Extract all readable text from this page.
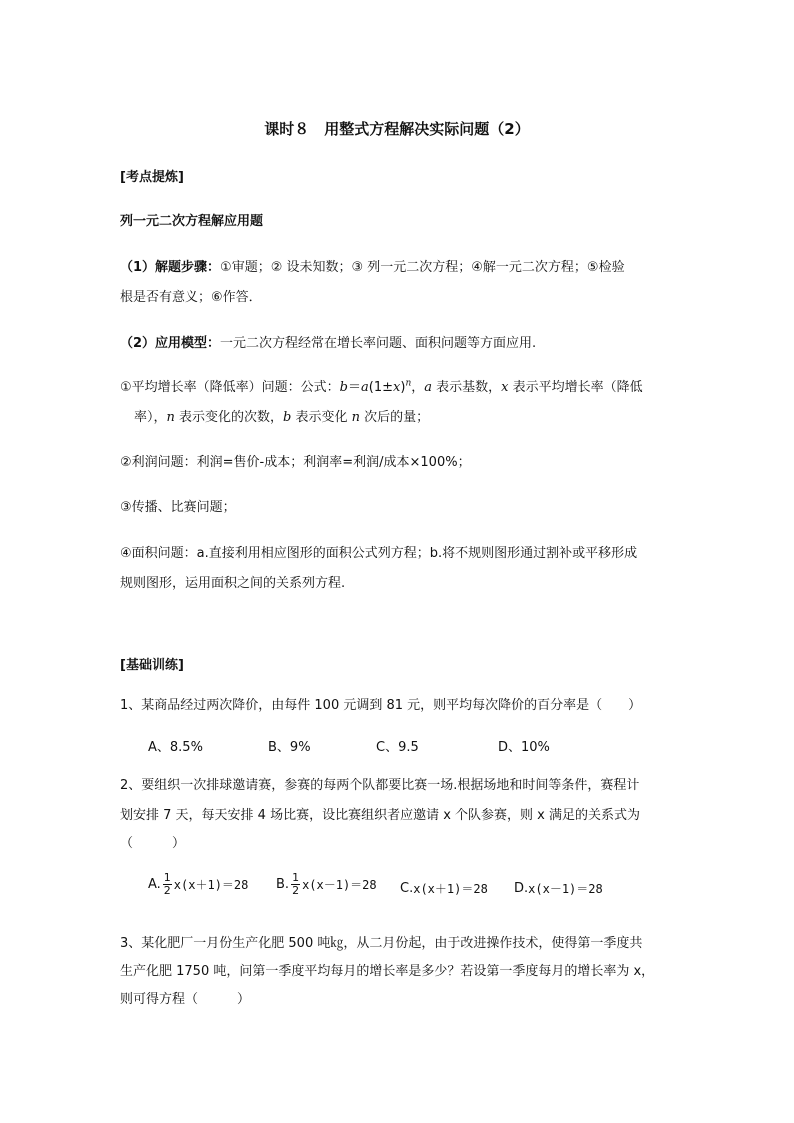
课时８　用整式方程解决实际问题（2）
[考点提炼]
列一元二次方程解应用题
（1）解题步骤：①审题；② 设未知数；③ 列一元二次方程；④解一元二次方程；⑤检验
根是否有意义；⑥作答．
（2）应用模型：一元二次方程经常在增长率问题、面积问题等方面应用.
①平均增长率（降低率）问题：公式：$b=a(1\pm x)^n$，a 表示基数，x 表示平均增长率（降低
率），n 表示变化的次数，b 表示变化 n 次后的量；
②利润问题：利润=售价-成本；利润率=利润/成本×100%；
③传播、比赛问题；
④面积问题：a.直接利用相应图形的面积公式列方程；b.将不规则图形通过割补或平移形成
规则图形，运用面积之间的关系列方程.
[基础训练]
1、某商品经过两次降价，由每件 100 元调到 81 元，则平均每次降价的百分率是（　　）
A、8.5%	B、9%	C、9.5	D、10%
2、要组织一次排球邀请赛，参赛的每两个队都要比赛一场.根据场地和时间等条件，赛程计
划安排 7 天，每天安排 4 场比赛，设比赛组织者应邀请 x 个队参赛，则 x 满足的关系式为
（　　　）
A. $\frac{1}{2} x(x+1)=28$ B. $\frac{1}{2} x(x-1)=28$ C. x(x＋1)＝28 D. x(x－1)＝28
3、某化肥厂一月份生产化肥 500 吨㎏，从二月份起，由于改进操作技术，使得第一季度共
生产化肥 1750 吨，问第一季度平均每月的增长率是多少？若设第一季度每月的增长率为 x，
则可得方程（　　　）
